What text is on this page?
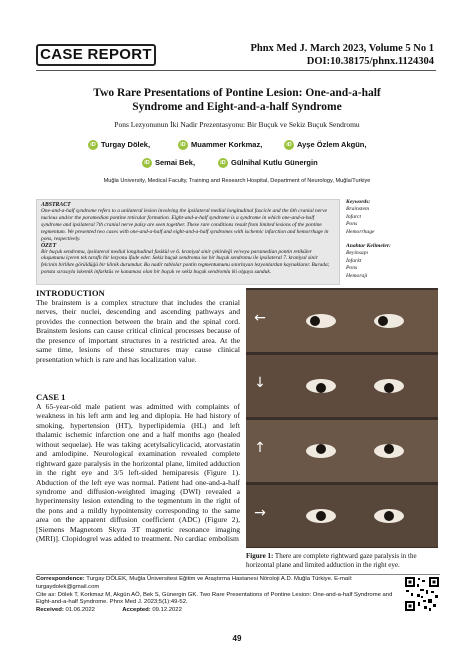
CASE REPORT	Phnx Med J. March 2023, Volume 5 No 1
DOI:10.38175/phnx.1124304
Two Rare Presentations of Pontine Lesion: One-and-a-half
Syndrome and Eight-and-a-half Syndrome
Pons Lezyonunun İki Nadir Prezentasyonu: Bir Buçuk ve Sekiz Buçuk Sendromu
iD Turgay Dölek,	iD Muammer Korkmaz,	iD Ayşe Özlem Akgün,
iD Semai Bek,	iD Gülnihal Kutlu Günergin
Muğla University, Medical Faculty, Training and Research Hospital, Department of Neurology, Muğla/Turkiye
ABSTRACT
One-and-a-half syndrome refers to a unilateral lesion involving the ipsilateral medial longitudinal fascicle and the 6th cranial nerve nucleus and/or the paramedian pontine reticular formation. Eight-and-a-half syndrome is a syndrome in which one-and-a-half syndrome and ipsilateral 7th cranial nerve palsy are seen together. These rare conditions result from limited lesions of the pontine tegmentum. We presented two cases with one-and-a-half and eight-and-a-half syndromes with ischemic infarction and hemorrhage in pons, respectively.
ÖZET
Bir buçuk sendromu, ipsilateral medial longitudinal fasikül ve 6. kraniyal sinir çekirdeği ve/veya paramedian pontin retiküler oluşumunu içeren tek taraflı bir lezyonu ifade eder. Sekiz buçuk sendromu ise bir buçuk sendromu ile ipsilateral 7. kraniyal sinir felcinin birlikte görüldüğü bir klinik durumdur. Bu nadir tablolar pontin tegmentumunu sınırlayan lezyonlardan kaynaklanır. Burada; ponsta sırasıyla iskemik infarktüs ve kanaması olan bir buçuk ve sekiz buçuk sendromlu iki olguyu sunduk.
Keywords:
Brainstem
Infarct
Pons
Hemorrhage
Anahtar Kelimeler:
Beyinsapı
İnfarkt
Pons
Hemoraji
INTRODUCTION
The brainstem is a complex structure that includes the cranial nerves, their nuclei, descending and ascending pathways and provides the connection between the brain and the spinal cord. Brainstem lesions can cause critical clinical processes because of the presence of important structures in a restricted area. At the same time, lesions of these structures may cause clinical presentation which is rare and has localization value.
CASE 1
A 65-year-old male patient was admitted with complaints of weakness in his left arm and leg and diplopia. He had history of smoking, hypertension (HT), hyperlipidemia (HL) and left thalamic ischemic infarction one and a half months ago (healed without sequelae). He was taking acetylsalicylicacid, atorvastatin and amlodipine. Neurological examination revealed complete rightward gaze paralysis in the horizontal plane, limited adduction in the right eye and 3/5 left-sided hemiparesis (Figure 1). Abduction of the left eye was normal. Patient had one-and-a-half syndrome and diffusion-weighted imaging (DWI) revealed a hyperintensity lesion extending to the tegmentum in the right of the pons and a mildly hypointensity corresponding to the same area on the apparent diffusion coefficient (ADC) (Figure 2), [Siemens Magnetom Skyra 3T magnetic resonance imaging (MRI)]. Clopidogrel was added to treatment. No cardiac embolism
←
↓
↑
→
Figure 1: There are complete rightward gaze paralysis in the horizontal plane and limited adduction in the right eye.
Correspondence: Turgay DÖLEK, Muğla Üniversitesi Eğitim ve Araştırma Hastanesi Nöroloji A.D. Muğla Türkiye. E-mail: turgaydolek@gmail.com
Cite as: Dölek T, Korkmaz M, Akgün AÖ, Bek S, Günergin GK. Two Rare Presentations of Pontine Lesion: One-and-a-half Syndrome and Eight-and-a-half Syndrome. Phnx Med J. 2023;5(1):49-52.
Received: 01.06.2022	Accepted: 09.12.2022
49
